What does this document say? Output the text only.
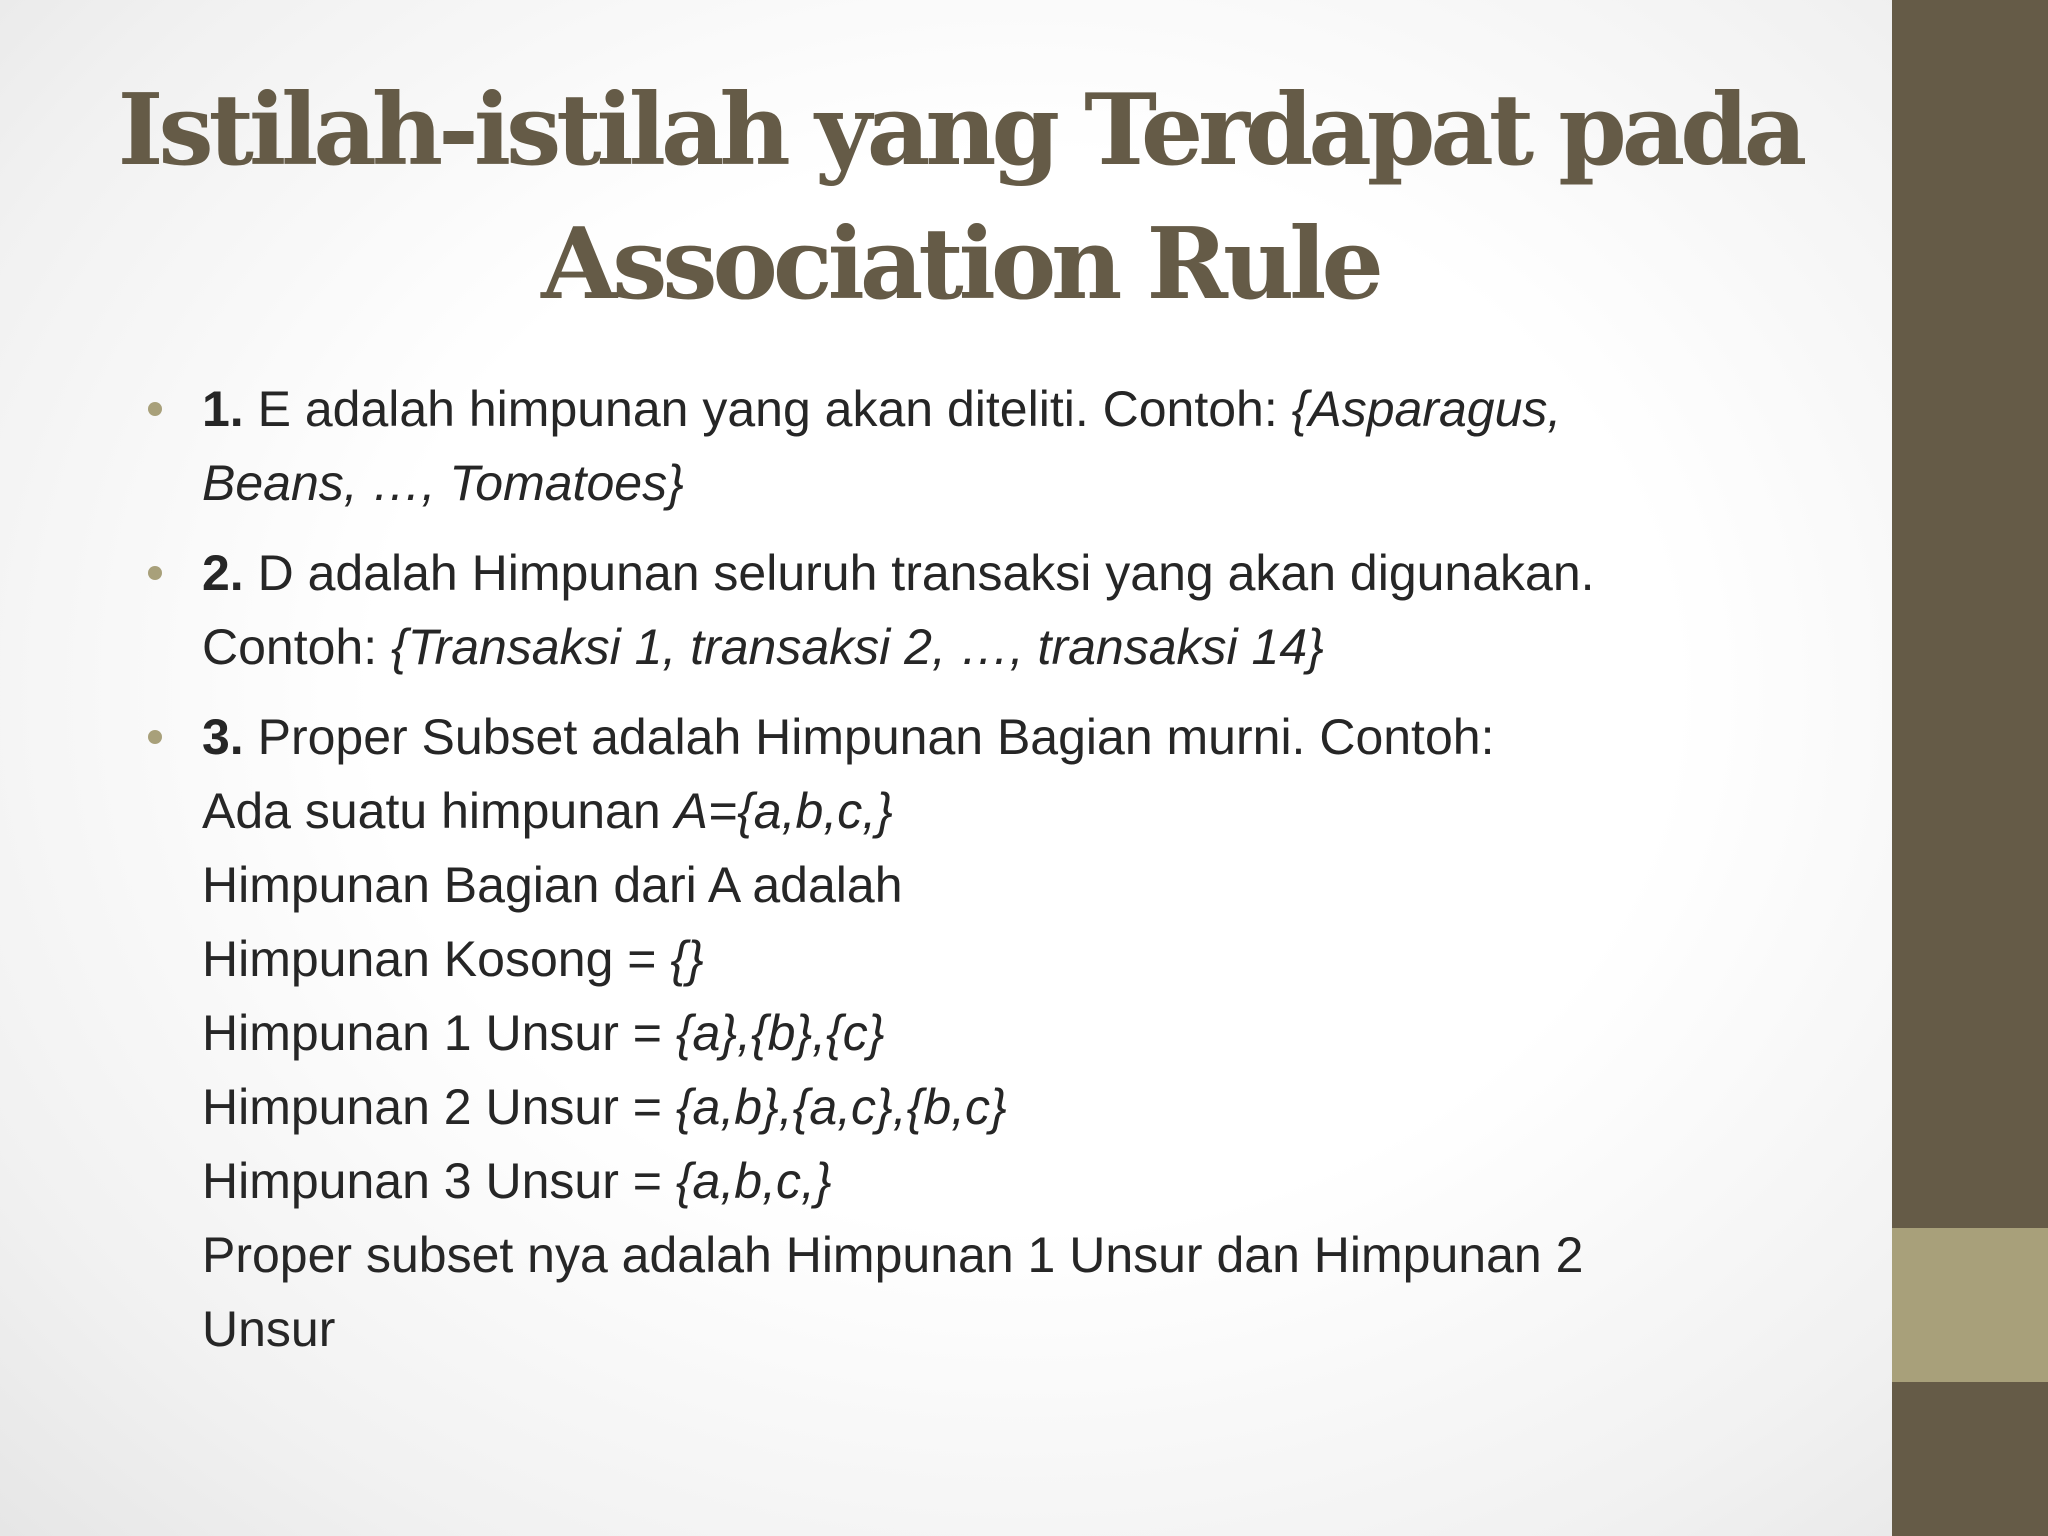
Istilah-istilah yang Terdapat pada
Association Rule
1. E adalah himpunan yang akan diteliti. Contoh: {Asparagus,
Beans, …, Tomatoes}
2. D adalah Himpunan seluruh transaksi yang akan digunakan.
Contoh: {Transaksi 1, transaksi 2, …, transaksi 14}
3. Proper Subset adalah Himpunan Bagian murni. Contoh:
Ada suatu himpunan A={a,b,c,}
Himpunan Bagian dari A adalah
Himpunan Kosong = {}
Himpunan 1 Unsur = {a},{b},{c}
Himpunan 2 Unsur = {a,b},{a,c},{b,c}
Himpunan 3 Unsur = {a,b,c,}
Proper subset nya adalah Himpunan 1 Unsur dan Himpunan 2
Unsur
